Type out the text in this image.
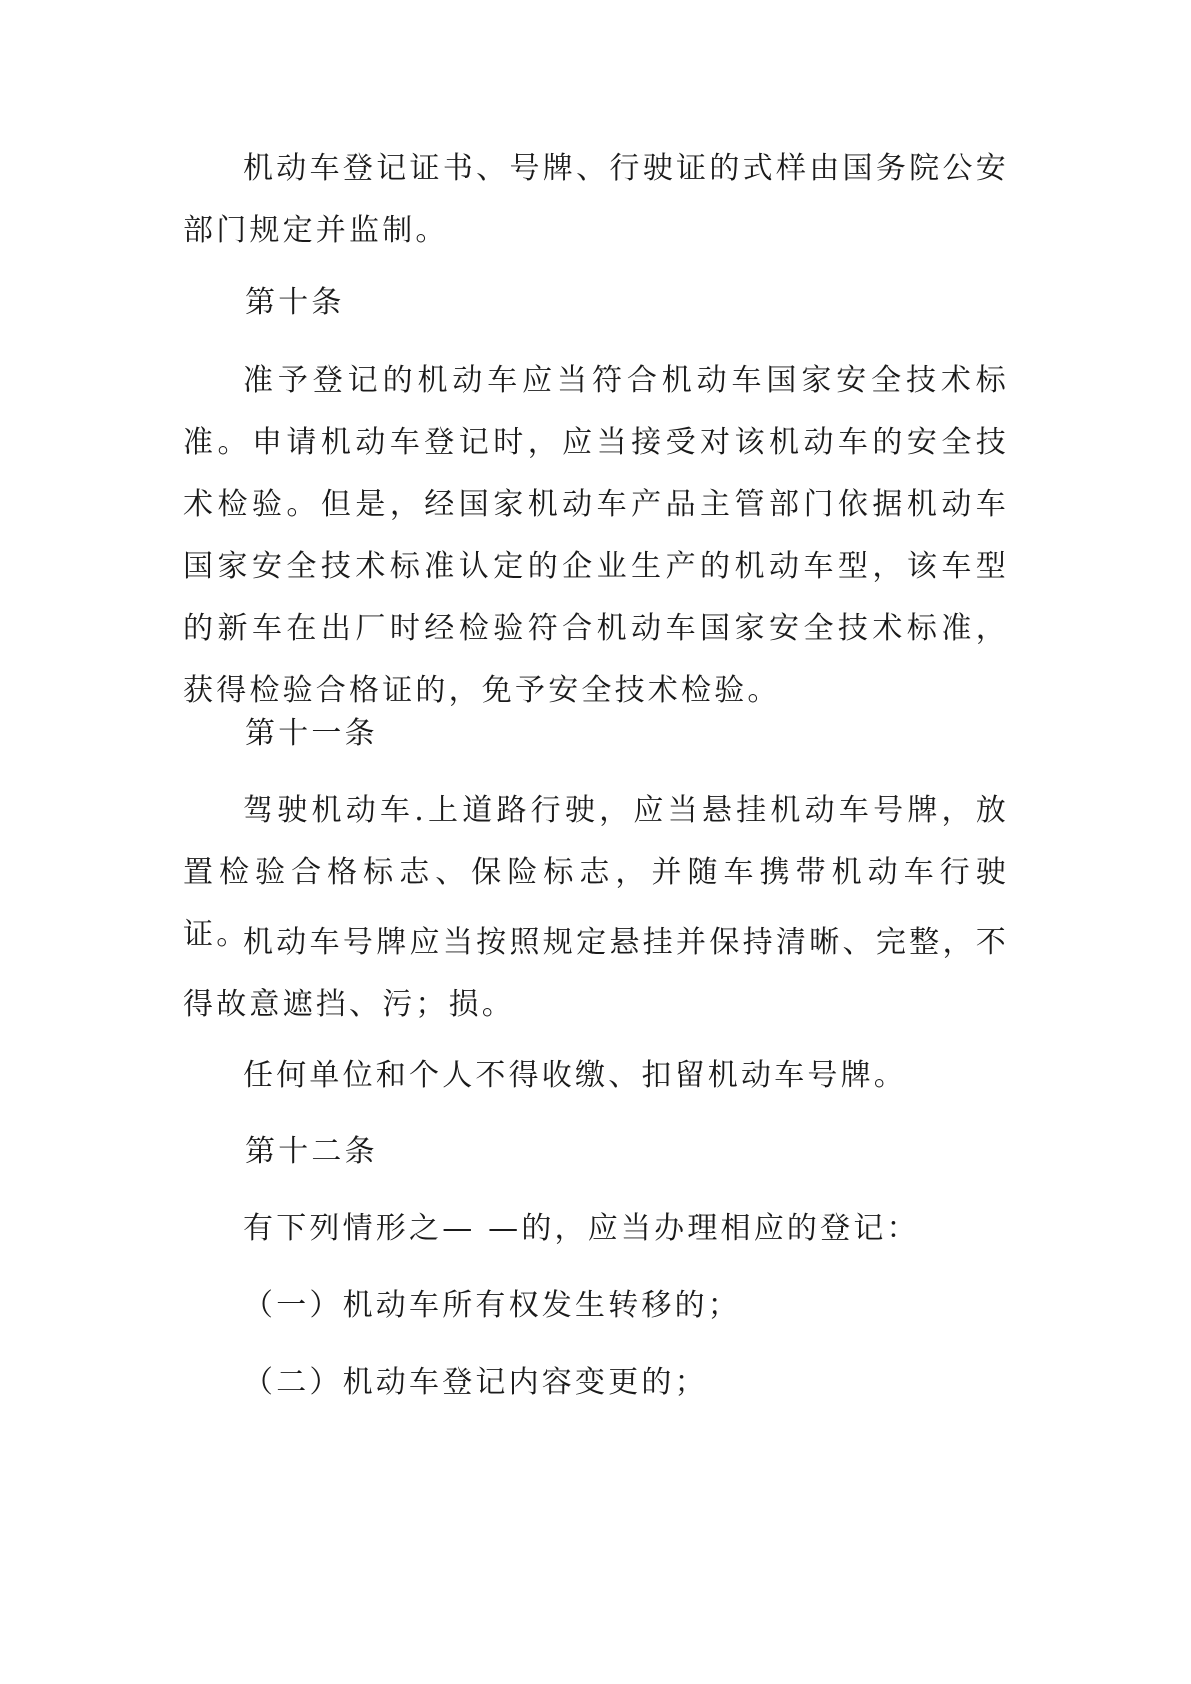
机动车登记证书、号牌、行驶证的式样由国务院公安部门规定并监制。

第十条

准予登记的机动车应当符合机动车国家安全技术标准。申请机动车登记时，应当接受对该机动车的安全技术检验。但是，经国家机动车产品主管部门依据机动车国家安全技术标准认定的企业生产的机动车型，该车型的新车在出厂时经检验符合机动车国家安全技术标准，获得检验合格证的，免予安全技术检验。

第十一条

驾驶机动车.上道路行驶，应当悬挂机动车号牌，放置检验合格标志、保险标志，并随车携带机动车行驶证。

机动车号牌应当按照规定悬挂并保持清晰、完整，不得故意遮挡、污；损。

任何单位和个人不得收缴、扣留机动车号牌。

第十二条

有下列情形之— —的，应当办理相应的登记：

（一）机动车所有权发生转移的；

（二）机动车登记内容变更的；
